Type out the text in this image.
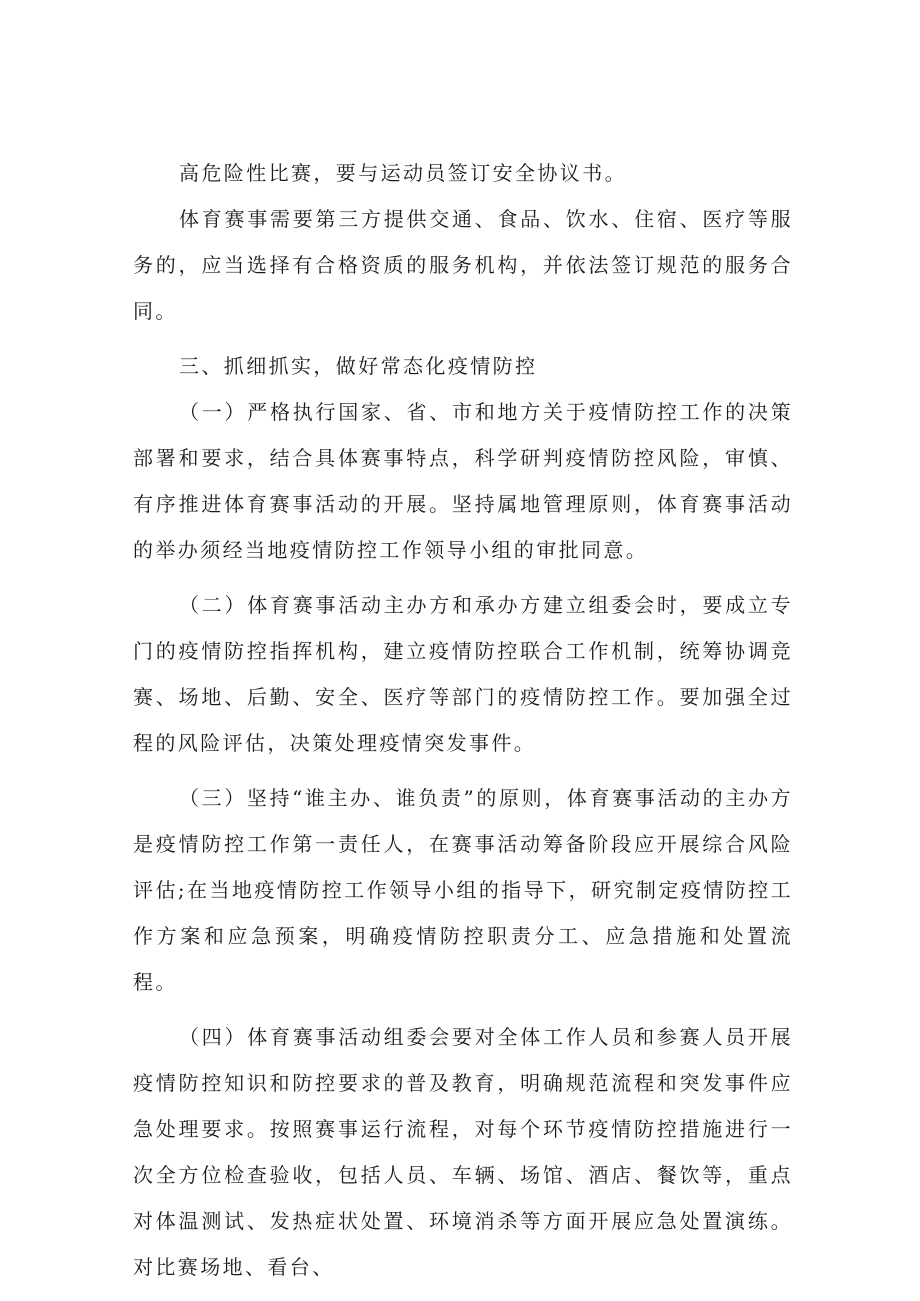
高危险性比赛，要与运动员签订安全协议书。

体育赛事需要第三方提供交通、食品、饮水、住宿、医疗等服务的，应当选择有合格资质的服务机构，并依法签订规范的服务合同。

三、抓细抓实，做好常态化疫情防控

（一）严格执行国家、省、市和地方关于疫情防控工作的决策部署和要求，结合具体赛事特点，科学研判疫情防控风险，审慎、有序推进体育赛事活动的开展。坚持属地管理原则，体育赛事活动的举办须经当地疫情防控工作领导小组的审批同意。

（二）体育赛事活动主办方和承办方建立组委会时，要成立专门的疫情防控指挥机构，建立疫情防控联合工作机制，统筹协调竞赛、场地、后勤、安全、医疗等部门的疫情防控工作。要加强全过程的风险评估，决策处理疫情突发事件。

（三）坚持“谁主办、谁负责”的原则，体育赛事活动的主办方是疫情防控工作第一责任人，在赛事活动筹备阶段应开展综合风险评估;在当地疫情防控工作领导小组的指导下，研究制定疫情防控工作方案和应急预案，明确疫情防控职责分工、应急措施和处置流程。

（四）体育赛事活动组委会要对全体工作人员和参赛人员开展疫情防控知识和防控要求的普及教育，明确规范流程和突发事件应急处理要求。按照赛事运行流程，对每个环节疫情防控措施进行一次全方位检查验收，包括人员、车辆、场馆、酒店、餐饮等，重点对体温测试、发热症状处置、环境消杀等方面开展应急处置演练。对比赛场地、看台、
